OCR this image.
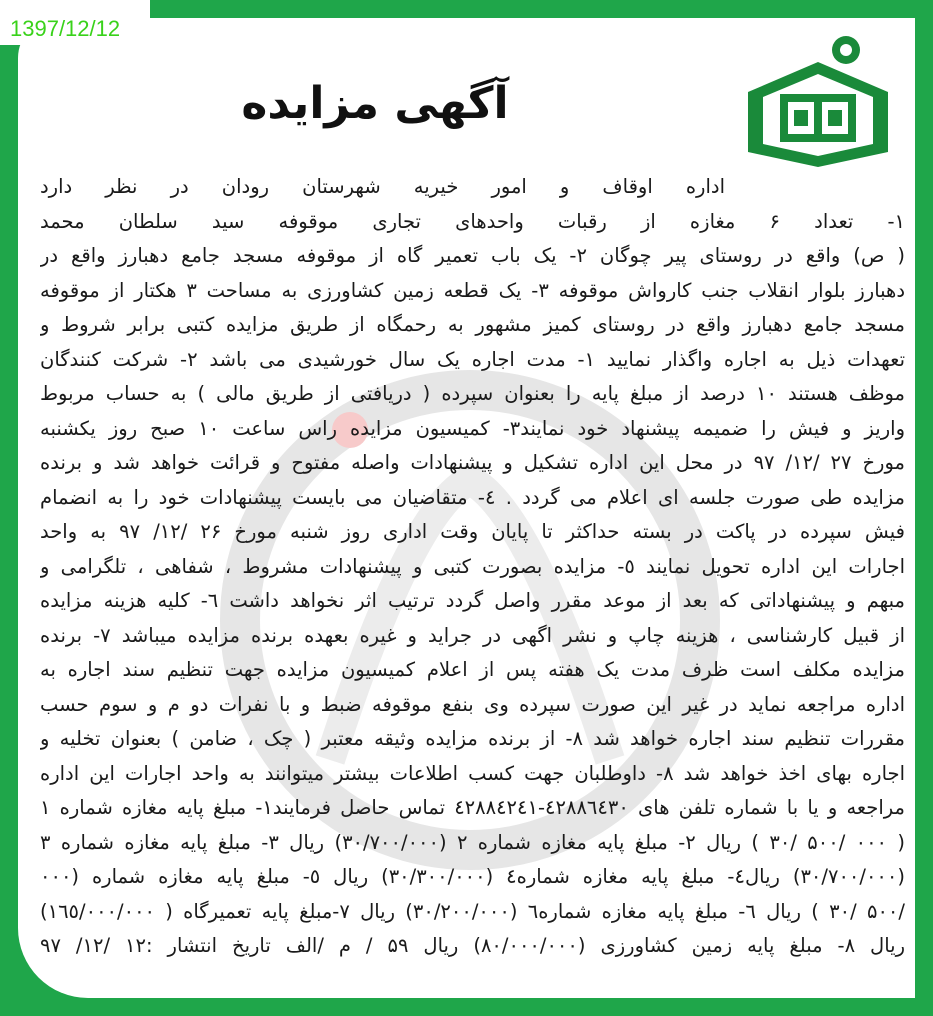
1397/12/12
آگهی مزایده
اداره اوقاف و امور خیریه شهرستان رودان در نظر دارد
۱- تعداد ۶ مغازه از رقبات واحدهای تجاری موقوفه سید سلطان محمد
( ص) واقع در روستای پیر چوگان ۲- یک باب تعمیر گاه از موقوفه مسجد جامع دهبارز واقع در
دهبارز بلوار انقلاب جنب کارواش موقوفه ۳- یک قطعه زمین کشاورزی به مساحت ۳ هکتار از موقوفه
مسجد جامع دهبارز واقع در روستای کمیز مشهور به رحمگاه از طریق مزایده کتبی برابر شروط و
تعهدات ذیل به اجاره واگذار نمایید ۱- مدت اجاره یک سال خورشیدی می باشد ۲- شرکت کنندگان
موظف هستند ۱۰ درصد از مبلغ پایه را بعنوان سپرده ( دریافتی از طریق مالی ) به حساب مربوط
واریز و فیش را ضمیمه پیشنهاد خود نمایند۳- کمیسیون مزایده راس ساعت ۱۰ صبح روز یکشنبه
مورخ ۲۷ /۱۲/ ۹۷ در محل این اداره تشکیل و پیشنهادات واصله مفتوح و قرائت خواهد شد و برنده
مزایده طی صورت جلسه ای اعلام می گردد . ٤- متقاضیان می بایست پیشنهادات خود را به انضمام
فیش سپرده در پاکت در بسته حداکثر تا پایان وقت اداری روز شنبه مورخ ۲۶ /۱۲/ ۹۷ به واحد
اجارات این اداره تحویل نمایند ٥- مزایده بصورت کتبی و پیشنهادات مشروط ، شفاهی ، تلگرامی و
مبهم و پیشنهاداتی که بعد از موعد مقرر واصل گردد ترتیب اثر نخواهد داشت ٦- کلیه هزینه مزایده
از قبیل کارشناسی ، هزینه چاپ و نشر اگهی در جراید و غیره بعهده برنده مزایده میباشد ۷- برنده
مزایده مکلف است ظرف مدت یک هفته پس از اعلام کمیسیون مزایده جهت تنظیم سند اجاره به
اداره مراجعه نماید در غیر این صورت سپرده وی بنفع موقوفه ضبط و با نفرات دو م و سوم حسب
مقررات تنظیم سند اجاره خواهد شد ۸- از برنده مزایده وثیقه معتبر ( چک ، ضامن ) بعنوان تخلیه و
اجاره بهای اخذ خواهد شد ۸- داوطلبان جهت کسب اطلاعات بیشتر میتوانند به واحد اجارات این اداره
مراجعه و یا با شماره تلفن های ٤٢٨٨٦٤٣٠-٤٢٨٨٤٢٤١ تماس حاصل فرمایند۱- مبلغ پایه مغازه شماره ۱
( ۰۰۰ /۵۰۰ /۳۰ ) ریال ۲- مبلغ پایه مغازه شماره ۲ (۳۰/۷۰۰/۰۰۰) ریال ۳- مبلغ پایه مغازه شماره ۳
(۳۰/۷۰۰/۰۰۰) ریال٤- مبلغ پایه مغازه شماره٤ (۳۰/۳۰۰/۰۰۰) ریال ٥- مبلغ پایه مغازه شماره (۰۰۰
/۵۰۰ /۳۰ ) ریال ٦- مبلغ پایه مغازه شماره٦ (۳۰/۲۰۰/۰۰۰) ریال ۷-مبلغ پایه تعمیرگاه ( ۱٦٥/۰۰۰/۰۰۰)
ریال ۸- مبلغ پایه زمین کشاورزی (۸۰/۰۰۰/۰۰۰) ریال ۵۹ / م /الف تاریخ انتشار :۱۲ /۱۲/ ۹۷
